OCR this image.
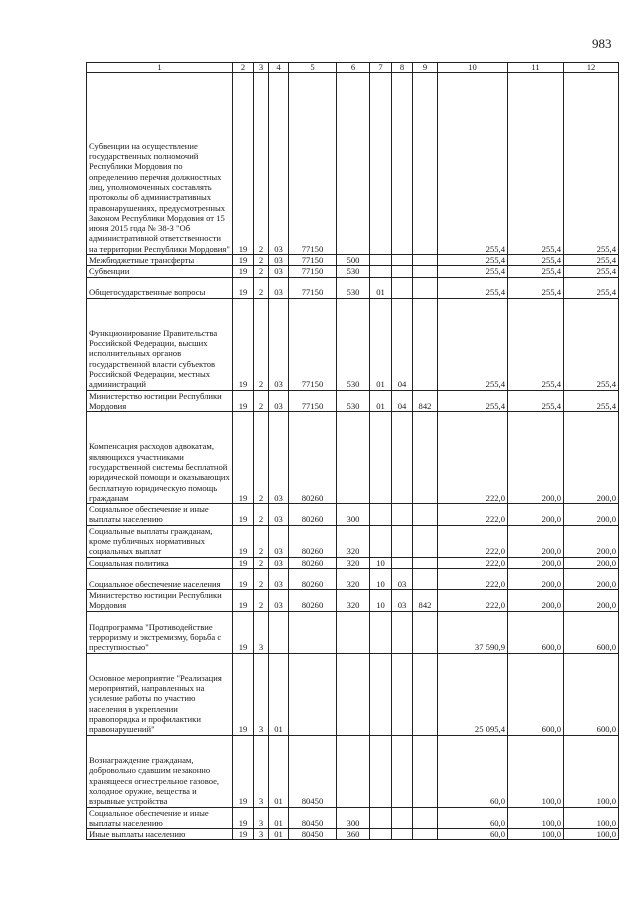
983
1	2	3	4	5	6	7	8	9	10	11	12
Субвенции на осуществление государственных полномочий Республики Мордовия по определению перечня должностных лиц, уполномоченных составлять протоколы об административных правонарушениях, предусмотренных Законом Республики Мордовия от 15 июня 2015 года № 38-З "Об административной ответственности на территории Республики Мордовия"	19	2	03	77150					255,4	255,4	255,4
Межбюджетные трансферты	19	2	03	77150	500				255,4	255,4	255,4
Субвенции	19	2	03	77150	530				255,4	255,4	255,4
Общегосударственные вопросы	19	2	03	77150	530	01			255,4	255,4	255,4
Функционирование Правительства Российской Федерации, высших исполнительных органов государственной власти субъектов Российской Федерации, местных администраций	19	2	03	77150	530	01	04		255,4	255,4	255,4
Министерство юстиции Республики Мордовия	19	2	03	77150	530	01	04	842	255,4	255,4	255,4
Компенсация расходов адвокатам, являющихся участниками государственной системы бесплатной юридической помощи и оказывающих бесплатную юридическую помощь гражданам	19	2	03	80260					222,0	200,0	200,0
Социальное обеспечение и иные выплаты населению	19	2	03	80260	300				222,0	200,0	200,0
Социальные выплаты гражданам, кроме публичных нормативных социальных выплат	19	2	03	80260	320				222,0	200,0	200,0
Социальная политика	19	2	03	80260	320	10			222,0	200,0	200,0
Социальное обеспечение населения	19	2	03	80260	320	10	03		222,0	200,0	200,0
Министерство юстиции Республики Мордовия	19	2	03	80260	320	10	03	842	222,0	200,0	200,0
Подпрограмма "Противодействие терроризму и экстремизму, борьба с преступностью"	19	3							37 590,9	600,0	600,0
Основное мероприятие "Реализация мероприятий, направленных на усиление работы по участию населения в укреплении правопорядка и профилактики правонарушений"	19	3	01						25 095,4	600,0	600,0
Вознаграждение гражданам, добровольно сдавшим незаконно хранящееся огнестрельное газовое, холодное оружие, вещества и взрывные устройства	19	3	01	80450					60,0	100,0	100,0
Социальное обеспечение и иные выплаты населению	19	3	01	80450	300				60,0	100,0	100,0
Иные выплаты населению	19	3	01	80450	360				60,0	100,0	100,0
